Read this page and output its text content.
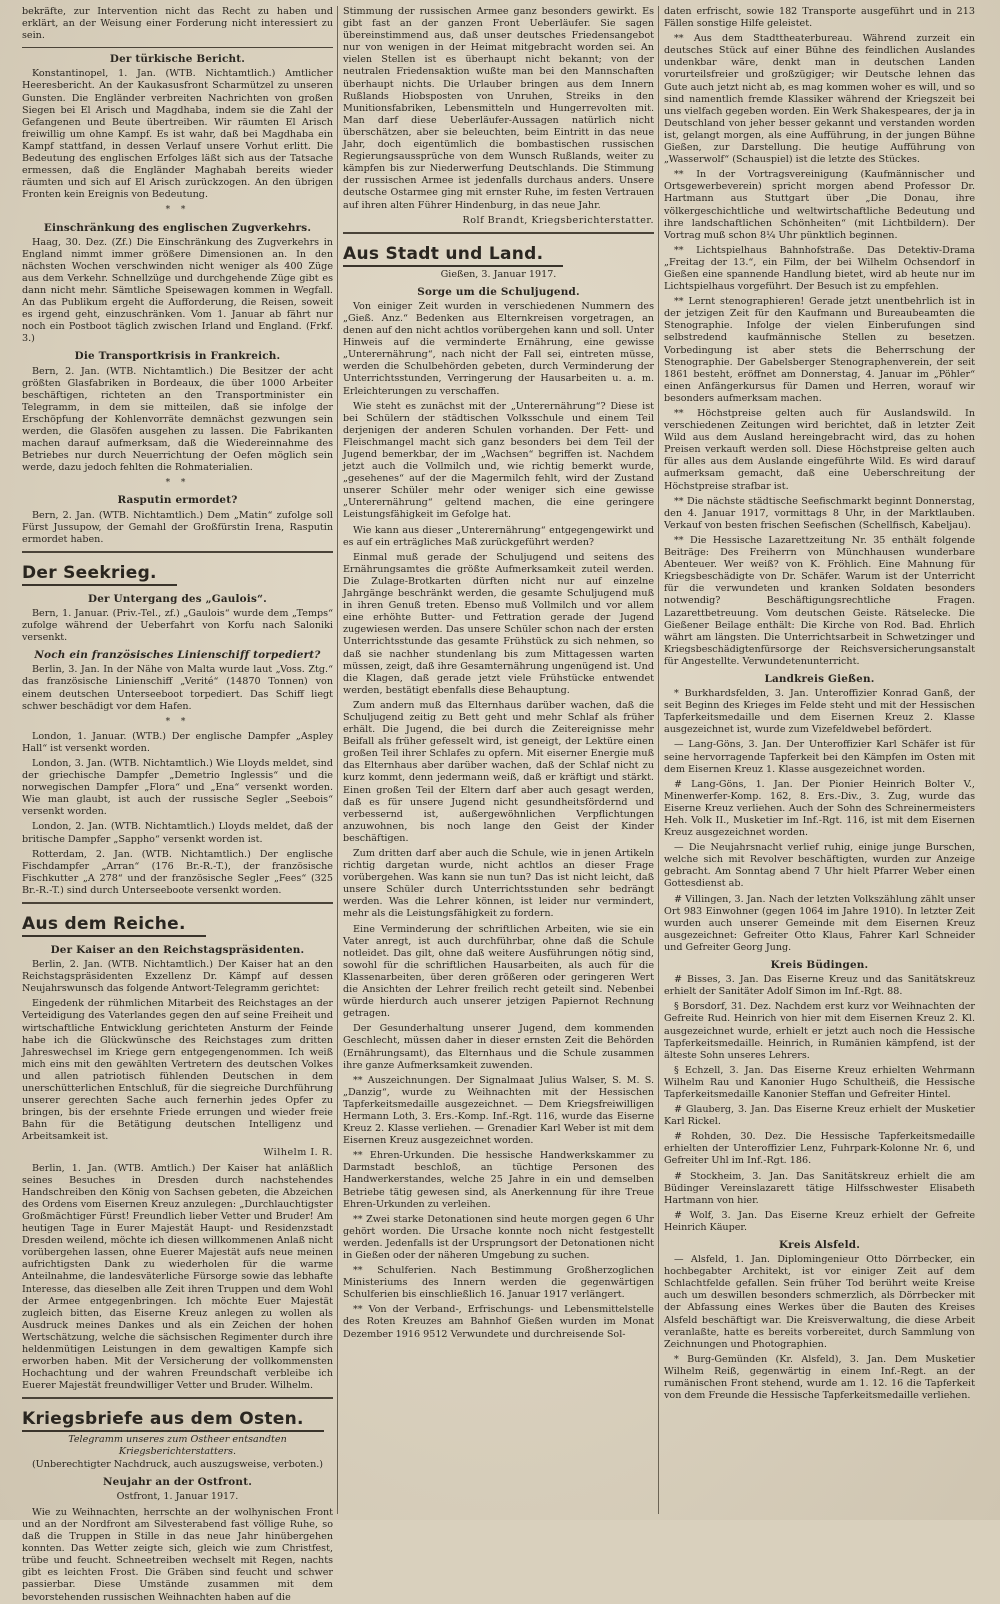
bekräfte, zur Intervention nicht das Recht zu haben und erklärt, an der Weisung einer Forderung nicht interessiert zu sein.

Der türkische Bericht.

Konstantinopel, 1. Jan. (WTB. Nichtamtlich.) Amtlicher Heeresbericht. An der Kaukasusfront Scharmützel zu unseren Gunsten. Die Engländer verbreiten Nachrichten von großen Siegen bei El Arisch und Magdhaba, indem sie die Zahl der Gefangenen und Beute übertreiben. Wir räumten El Arisch freiwillig um ohne Kampf. Es ist wahr, daß bei Magdhaba ein Kampf stattfand, in dessen Verlauf unsere Vorhut erlitt. Die Bedeutung des englischen Erfolges läßt sich aus der Tatsache ermessen, daß die Engländer Maghabah bereits wieder räumten und sich auf El Arisch zurückzogen. An den übrigen Fronten kein Ereignis von Bedeutung.

* *
Einschränkung des englischen Zugverkehrs.

Haag, 30. Dez. (Zf.) Die Einschränkung des Zugverkehrs in England nimmt immer größere Dimensionen an. In den nächsten Wochen verschwinden nicht weniger als 400 Züge aus dem Verkehr. Schnellzüge und durchgehende Züge gibt es dann nicht mehr. Sämtliche Speisewagen kommen in Wegfall. An das Publikum ergeht die Aufforderung, die Reisen, soweit es irgend geht, einzuschränken. Vom 1. Januar ab fährt nur noch ein Postboot täglich zwischen Irland und England. (Frkf. 3.)

Die Transportkrisis in Frankreich.

Bern, 2. Jan. (WTB. Nichtamtlich.) Die Besitzer der acht größten Glasfabriken in Bordeaux, die über 1000 Arbeiter beschäftigen, richteten an den Transportminister ein Telegramm, in dem sie mitteilen, daß sie infolge der Erschöpfung der Kohlenvorräte demnächst gezwungen sein werden, die Glasöfen ausgehen zu lassen. Die Fabrikanten machen darauf aufmerksam, daß die Wiedereinnahme des Betriebes nur durch Neuerrichtung der Oefen möglich sein werde, dazu jedoch fehlten die Rohmaterialien.

* *
Rasputin ermordet?

Bern, 2. Jan. (WTB. Nichtamtlich.) Dem „Matin“ zufolge soll Fürst Jussupow, der Gemahl der Großfürstin Irena, Rasputin ermordet haben.

Der Seekrieg.
Der Untergang des „Gaulois“.

Bern, 1. Januar. (Priv.-Tel., zf.) „Gaulois“ wurde dem „Temps“ zufolge während der Ueberfahrt von Korfu nach Saloniki versenkt.

Noch ein französisches Linienschiff torpediert?

Berlin, 3. Jan. In der Nähe von Malta wurde laut „Voss. Ztg.“ das französische Linienschiff „Verité“ (14870 Tonnen) von einem deutschen Unterseeboot torpediert. Das Schiff liegt schwer beschädigt vor dem Hafen.

* *

London, 1. Januar. (WTB.) Der englische Dampfer „Aspley Hall“ ist versenkt worden.

London, 3. Jan. (WTB. Nichtamtlich.) Wie Lloyds meldet, sind der griechische Dampfer „Demetrio Inglessis“ und die norwegischen Dampfer „Flora“ und „Ena“ versenkt worden. Wie man glaubt, ist auch der russische Segler „Seebois“ versenkt worden.

London, 2. Jan. (WTB. Nichtamtlich.) Lloyds meldet, daß der britische Dampfer „Sappho“ versenkt worden ist.

Rotterdam, 2. Jan. (WTB. Nichtamtlich.) Der englische Fischdampfer „Arran“ (176 Br.-R.-T.), der französische Fischkutter „A 278“ und der französische Segler „Fees“ (325 Br.-R.-T.) sind durch Unterseeboote versenkt worden.

Aus dem Reiche.
Der Kaiser an den Reichstagspräsidenten.

Berlin, 2. Jan. (WTB. Nichtamtlich.) Der Kaiser hat an den Reichstagspräsidenten Exzellenz Dr. Kämpf auf dessen Neujahrswunsch das folgende Antwort-Telegramm gerichtet:

Eingedenk der rühmlichen Mitarbeit des Reichstages an der Verteidigung des Vaterlandes gegen den auf seine Freiheit und wirtschaftliche Entwicklung gerichteten Ansturm der Feinde habe ich die Glückwünsche des Reichstages zum dritten Jahreswechsel im Kriege gern entgegengenommen. Ich weiß mich eins mit den gewählten Vertretern des deutschen Volkes und allen patriotisch fühlenden Deutschen in dem unerschütterlichen Entschluß, für die siegreiche Durchführung unserer gerechten Sache auch fernerhin jedes Opfer zu bringen, bis der ersehnte Friede errungen und wieder freie Bahn für die Betätigung deutschen Intelligenz und Arbeitsamkeit ist.

Wilhelm I. R.

Berlin, 1. Jan. (WTB. Amtlich.) Der Kaiser hat anläßlich seines Besuches in Dresden durch nachstehendes Handschreiben den König von Sachsen gebeten, die Abzeichen des Ordens vom Eisernen Kreuz anzulegen: „Durchlauchtigster Großmächtiger Fürst! Freundlich lieber Vetter und Bruder! Am heutigen Tage in Eurer Majestät Haupt- und Residenzstadt Dresden weilend, möchte ich diesen willkommenen Anlaß nicht vorübergehen lassen, ohne Euerer Majestät aufs neue meinen aufrichtigsten Dank zu wiederholen für die warme Anteilnahme, die landesväterliche Fürsorge sowie das lebhafte Interesse, das dieselben alle Zeit ihren Truppen und dem Wohl der Armee entgegenbringen. Ich möchte Euer Majestät zugleich bitten, das Eiserne Kreuz anlegen zu wollen als Ausdruck meines Dankes und als ein Zeichen der hohen Wertschätzung, welche die sächsischen Regimenter durch ihre heldenmütigen Leistungen in dem gewaltigen Kampfe sich erworben haben. Mit der Versicherung der vollkommensten Hochachtung und der wahren Freundschaft verbleibe ich Euerer Majestät freundwilliger Vetter und Bruder. Wilhelm.

Kriegsbriefe aus dem Osten.
Telegramm unseres zum Ostheer entsandten Kriegsberichterstatters.
(Unberechtigter Nachdruck, auch auszugsweise, verboten.)
Neujahr an der Ostfront.
Ostfront, 1. Januar 1917.

Wie zu Weihnachten, herrschte an der wolhynischen Front und an der Nordfront am Silvesterabend fast völlige Ruhe, so daß die Truppen in Stille in das neue Jahr hinübergehen konnten. Das Wetter zeigte sich, gleich wie zum Christfest, trübe und feucht. Schneetreiben wechselt mit Regen, nachts gibt es leichten Frost. Die Gräben sind feucht und schwer passierbar. Diese Umstände zusammen mit dem bevorstehenden russischen Weihnachten haben auf die

Stimmung der russischen Armee ganz besonders gewirkt. Es gibt fast an der ganzen Front Ueberläufer. Sie sagen übereinstimmend aus, daß unser deutsches Friedensangebot nur von wenigen in der Heimat mitgebracht worden sei. An vielen Stellen ist es überhaupt nicht bekannt; von der neutralen Friedensaktion wußte man bei den Mannschaften überhaupt nichts. Die Urlauber bringen aus dem Innern Rußlands Hiobsposten von Unruhen, Streiks in den Munitionsfabriken, Lebensmitteln und Hungerrevolten mit. Man darf diese Ueberläufer-Aussagen natürlich nicht überschätzen, aber sie beleuchten, beim Eintritt in das neue Jahr, doch eigentümlich die bombastischen russischen Regierungsaussprüche von dem Wunsch Rußlands, weiter zu kämpfen bis zur Niederwerfung Deutschlands. Die Stimmung der russischen Armee ist jedenfalls durchaus anders. Unsere deutsche Ostarmee ging mit ernster Ruhe, im festen Vertrauen auf ihren alten Führer Hindenburg, in das neue Jahr.

Rolf Brandt, Kriegsberichterstatter.
Aus Stadt und Land.
Gießen, 3. Januar 1917.
Sorge um die Schuljugend.

Von einiger Zeit wurden in verschiedenen Nummern des „Gieß. Anz.“ Bedenken aus Elternkreisen vorgetragen, an denen auf den nicht achtlos vorübergehen kann und soll. Unter Hinweis auf die verminderte Ernährung, eine gewisse „Unterernährung“, nach nicht der Fall sei, eintreten müsse, werden die Schulbehörden gebeten, durch Verminderung der Unterrichtsstunden, Verringerung der Hausarbeiten u. a. m. Erleichterungen zu verschaffen.

Wie steht es zunächst mit der „Unterernährung“? Diese ist bei Schülern der städtischen Volksschule und einem Teil derjenigen der anderen Schulen vorhanden. Der Fett- und Fleischmangel macht sich ganz besonders bei dem Teil der Jugend bemerkbar, der im „Wachsen“ begriffen ist. Nachdem jetzt auch die Vollmilch und, wie richtig bemerkt wurde, „gesehenes“ auf der die Magermilch fehlt, wird der Zustand unserer Schüler mehr oder weniger sich eine gewisse „Unterernährung“ geltend machen, die eine geringere Leistungsfähigkeit im Gefolge hat.

Wie kann aus dieser „Unterernährung“ entgegengewirkt und es auf ein erträgliches Maß zurückgeführt werden?

Einmal muß gerade der Schuljugend und seitens des Ernährungsamtes die größte Aufmerksamkeit zuteil werden. Die Zulage-Brotkarten dürften nicht nur auf einzelne Jahrgänge beschränkt werden, die gesamte Schuljugend muß in ihren Genuß treten. Ebenso muß Vollmilch und vor allem eine erhöhte Butter- und Fettration gerade der Jugend zugewiesen werden. Das unsere Schüler schon nach der ersten Unterrichtsstunde das gesamte Frühstück zu sich nehmen, so daß sie nachher stundenlang bis zum Mittagessen warten müssen, zeigt, daß ihre Gesamternährung ungenügend ist. Und die Klagen, daß gerade jetzt viele Frühstücke entwendet werden, bestätigt ebenfalls diese Behauptung.

Zum andern muß das Elternhaus darüber wachen, daß die Schuljugend zeitig zu Bett geht und mehr Schlaf als früher erhält. Die Jugend, die bei durch die Zeitereignisse mehr Beifall als früher gefesselt wird, ist geneigt, der Lektüre einen großen Teil ihrer Schlafes zu opfern. Mit eiserner Energie muß das Elternhaus aber darüber wachen, daß der Schlaf nicht zu kurz kommt, denn jedermann weiß, daß er kräftigt und stärkt. Einen großen Teil der Eltern darf aber auch gesagt werden, daß es für unsere Jugend nicht gesundheitsfördernd und verbessernd ist, außergewöhnlichen Verpflichtungen anzuwohnen, bis noch lange den Geist der Kinder beschäftigen.

Zum dritten darf aber auch die Schule, wie in jenen Artikeln richtig dargetan wurde, nicht achtlos an dieser Frage vorübergehen. Was kann sie nun tun? Das ist nicht leicht, daß unsere Schüler durch Unterrichtsstunden sehr bedrängt werden. Was die Lehrer können, ist leider nur vermindert, mehr als die Leistungsfähigkeit zu fordern.

Eine Verminderung der schriftlichen Arbeiten, wie sie ein Vater anregt, ist auch durchführbar, ohne daß die Schule notleidet. Das gilt, ohne daß weitere Ausführungen nötig sind, sowohl für die schriftlichen Hausarbeiten, als auch für die Klassenarbeiten, über deren größeren oder geringeren Wert die Ansichten der Lehrer freilich recht geteilt sind. Nebenbei würde hierdurch auch unserer jetzigen Papiernot Rechnung getragen.

Der Gesunderhaltung unserer Jugend, dem kommenden Geschlecht, müssen daher in dieser ernsten Zeit die Behörden (Ernährungsamt), das Elternhaus und die Schule zusammen ihre ganze Aufmerksamkeit zuwenden.

** Auszeichnungen. Der Signalmaat Julius Walser, S. M. S. „Danzig“, wurde zu Weihnachten mit der Hessischen Tapferkeitsmedaille ausgezeichnet. — Dem Kriegsfreiwilligen Hermann Loth, 3. Ers.-Komp. Inf.-Rgt. 116, wurde das Eiserne Kreuz 2. Klasse verliehen. — Grenadier Karl Weber ist mit dem Eisernen Kreuz ausgezeichnet worden.

** Ehren-Urkunden. Die hessische Handwerkskammer zu Darmstadt beschloß, an tüchtige Personen des Handwerkerstandes, welche 25 Jahre in ein und demselben Betriebe tätig gewesen sind, als Anerkennung für ihre Treue Ehren-Urkunden zu verleihen.

** Zwei starke Detonationen sind heute morgen gegen 6 Uhr gehört worden. Die Ursache konnte noch nicht festgestellt werden. Jedenfalls ist der Ursprungsort der Detonationen nicht in Gießen oder der näheren Umgebung zu suchen.

** Schulferien. Nach Bestimmung Großherzoglichen Ministeriums des Innern werden die gegenwärtigen Schulferien bis einschließlich 16. Januar 1917 verlängert.

** Von der Verband-, Erfrischungs- und Lebensmittelstelle des Roten Kreuzes am Bahnhof Gießen wurden im Monat Dezember 1916 9512 Verwundete und durchreisende Sol-

daten erfrischt, sowie 182 Transporte ausgeführt und in 213 Fällen sonstige Hilfe geleistet.

** Aus dem Stadttheaterbureau. Während zurzeit ein deutsches Stück auf einer Bühne des feindlichen Auslandes undenkbar wäre, denkt man in deutschen Landen vorurteilsfreier und großzügiger; wir Deutsche lehnen das Gute auch jetzt nicht ab, es mag kommen woher es will, und so sind namentlich fremde Klassiker während der Kriegszeit bei uns vielfach gegeben worden. Ein Werk Shakespeares, der ja in Deutschland von jeher besser gekannt und verstanden worden ist, gelangt morgen, als eine Aufführung, in der jungen Bühne Gießen, zur Darstellung. Die heutige Aufführung von „Wasserwolf“ (Schauspiel) ist die letzte des Stückes.

** In der Vortragsvereinigung (Kaufmännischer und Ortsgewerbeverein) spricht morgen abend Professor Dr. Hartmann aus Stuttgart über „Die Donau, ihre völkergeschichtliche und weltwirtschaftliche Bedeutung und ihre landschaftlichen Schönheiten“ (mit Lichtbildern). Der Vortrag muß schon 8¼ Uhr pünktlich beginnen.

** Lichtspielhaus Bahnhofstraße. Das Detektiv-Drama „Freitag der 13.“, ein Film, der bei Wilhelm Ochsendorf in Gießen eine spannende Handlung bietet, wird ab heute nur im Lichtspielhaus vorgeführt. Der Besuch ist zu empfehlen.

** Lernt stenographieren! Gerade jetzt unentbehrlich ist in der jetzigen Zeit für den Kaufmann und Bureaubeamten die Stenographie. Infolge der vielen Einberufungen sind selbstredend kaufmännische Stellen zu besetzen. Vorbedingung ist aber stets die Beherrschung der Stenographie. Der Gabelsberger Stenographenverein, der seit 1861 besteht, eröffnet am Donnerstag, 4. Januar im „Pöhler“ einen Anfängerkursus für Damen und Herren, worauf wir besonders aufmerksam machen.

** Höchstpreise gelten auch für Auslandswild. In verschiedenen Zeitungen wird berichtet, daß in letzter Zeit Wild aus dem Ausland hereingebracht wird, das zu hohen Preisen verkauft werden soll. Diese Höchstpreise gelten auch für alles aus dem Auslande eingeführte Wild. Es wird darauf aufmerksam gemacht, daß eine Ueberschreitung der Höchstpreise strafbar ist.

** Die nächste städtische Seefischmarkt beginnt Donnerstag, den 4. Januar 1917, vormittags 8 Uhr, in der Marktlauben. Verkauf von besten frischen Seefischen (Schellfisch, Kabeljau).

** Die Hessische Lazarettzeitung Nr. 35 enthält folgende Beiträge: Des Freiherrn von Münchhausen wunderbare Abenteuer. Wer weiß? von K. Fröhlich. Eine Mahnung für Kriegsbeschädigte von Dr. Schäfer. Warum ist der Unterricht für die verwundeten und kranken Soldaten besonders notwendig? Beschäftigungsrechtliche Fragen. Lazarettbetreuung. Vom deutschen Geiste. Rätselecke. Die Gießener Beilage enthält: Die Kirche von Rod. Bad. Ehrlich währt am längsten. Die Unterrichtsarbeit in Schwetzinger und Kriegsbeschädigtenfürsorge der Reichsversicherungsanstalt für Angestellte. Verwundetenunterricht.

Landkreis Gießen.

* Burkhardsfelden, 3. Jan. Unteroffizier Konrad Ganß, der seit Beginn des Krieges im Felde steht und mit der Hessischen Tapferkeitsmedaille und dem Eisernen Kreuz 2. Klasse ausgezeichnet ist, wurde zum Vizefeldwebel befördert.

— Lang-Göns, 3. Jan. Der Unteroffizier Karl Schäfer ist für seine hervorragende Tapferkeit bei den Kämpfen im Osten mit dem Eisernen Kreuz 1. Klasse ausgezeichnet worden.

# Lang-Göns, 1. Jan. Der Pionier Heinrich Bolter V., Minenwerfer-Komp. 162, 8. Ers.-Div., 3. Zug, wurde das Eiserne Kreuz verliehen. Auch der Sohn des Schreinermeisters Heh. Volk II., Musketier im Inf.-Rgt. 116, ist mit dem Eisernen Kreuz ausgezeichnet worden.

— Die Neujahrsnacht verlief ruhig, einige junge Burschen, welche sich mit Revolver beschäftigten, wurden zur Anzeige gebracht. Am Sonntag abend 7 Uhr hielt Pfarrer Weber einen Gottesdienst ab.

# Villingen, 3. Jan. Nach der letzten Volkszählung zählt unser Ort 983 Einwohner (gegen 1064 im Jahre 1910). In letzter Zeit wurden auch unserer Gemeinde mit dem Eisernen Kreuz ausgezeichnet: Gefreiter Otto Klaus, Fahrer Karl Schneider und Gefreiter Georg Jung.

Kreis Büdingen.

# Bisses, 3. Jan. Das Eiserne Kreuz und das Sanitätskreuz erhielt der Sanitäter Adolf Simon im Inf.-Rgt. 88.

§ Borsdorf, 31. Dez. Nachdem erst kurz vor Weihnachten der Gefreite Rud. Heinrich von hier mit dem Eisernen Kreuz 2. Kl. ausgezeichnet wurde, erhielt er jetzt auch noch die Hessische Tapferkeitsmedaille. Heinrich, in Rumänien kämpfend, ist der älteste Sohn unseres Lehrers.

§ Echzell, 3. Jan. Das Eiserne Kreuz erhielten Wehrmann Wilhelm Rau und Kanonier Hugo Schultheiß, die Hessische Tapferkeitsmedaille Kanonier Steffan und Gefreiter Hintel.

# Glauberg, 3. Jan. Das Eiserne Kreuz erhielt der Musketier Karl Rickel.

# Rohden, 30. Dez. Die Hessische Tapferkeitsmedaille erhielten der Unteroffizier Lenz, Fuhrpark-Kolonne Nr. 6, und Gefreiter Uhl im Inf.-Rgt. 186.

# Stockheim, 3. Jan. Das Sanitätskreuz erhielt die am Büdinger Vereinslazarett tätige Hilfsschwester Elisabeth Hartmann von hier.

# Wolf, 3. Jan. Das Eiserne Kreuz erhielt der Gefreite Heinrich Käuper.

Kreis Alsfeld.

— Alsfeld, 1. Jan. Diplomingenieur Otto Dörrbecker, ein hochbegabter Architekt, ist vor einiger Zeit auf dem Schlachtfelde gefallen. Sein früher Tod berührt weite Kreise auch um deswillen besonders schmerzlich, als Dörrbecker mit der Abfassung eines Werkes über die Bauten des Kreises Alsfeld beschäftigt war. Die Kreisverwaltung, die diese Arbeit veranlaßte, hatte es bereits vorbereitet, durch Sammlung von Zeichnungen und Photographien.

* Burg-Gemünden (Kr. Alsfeld), 3. Jan. Dem Musketier Wilhelm Reiß, gegenwärtig in einem Inf.-Regt. an der rumänischen Front stehend, wurde am 1. 12. 16 die Tapferkeit von dem Freunde die Hessische Tapferkeitsmedaille verliehen.
